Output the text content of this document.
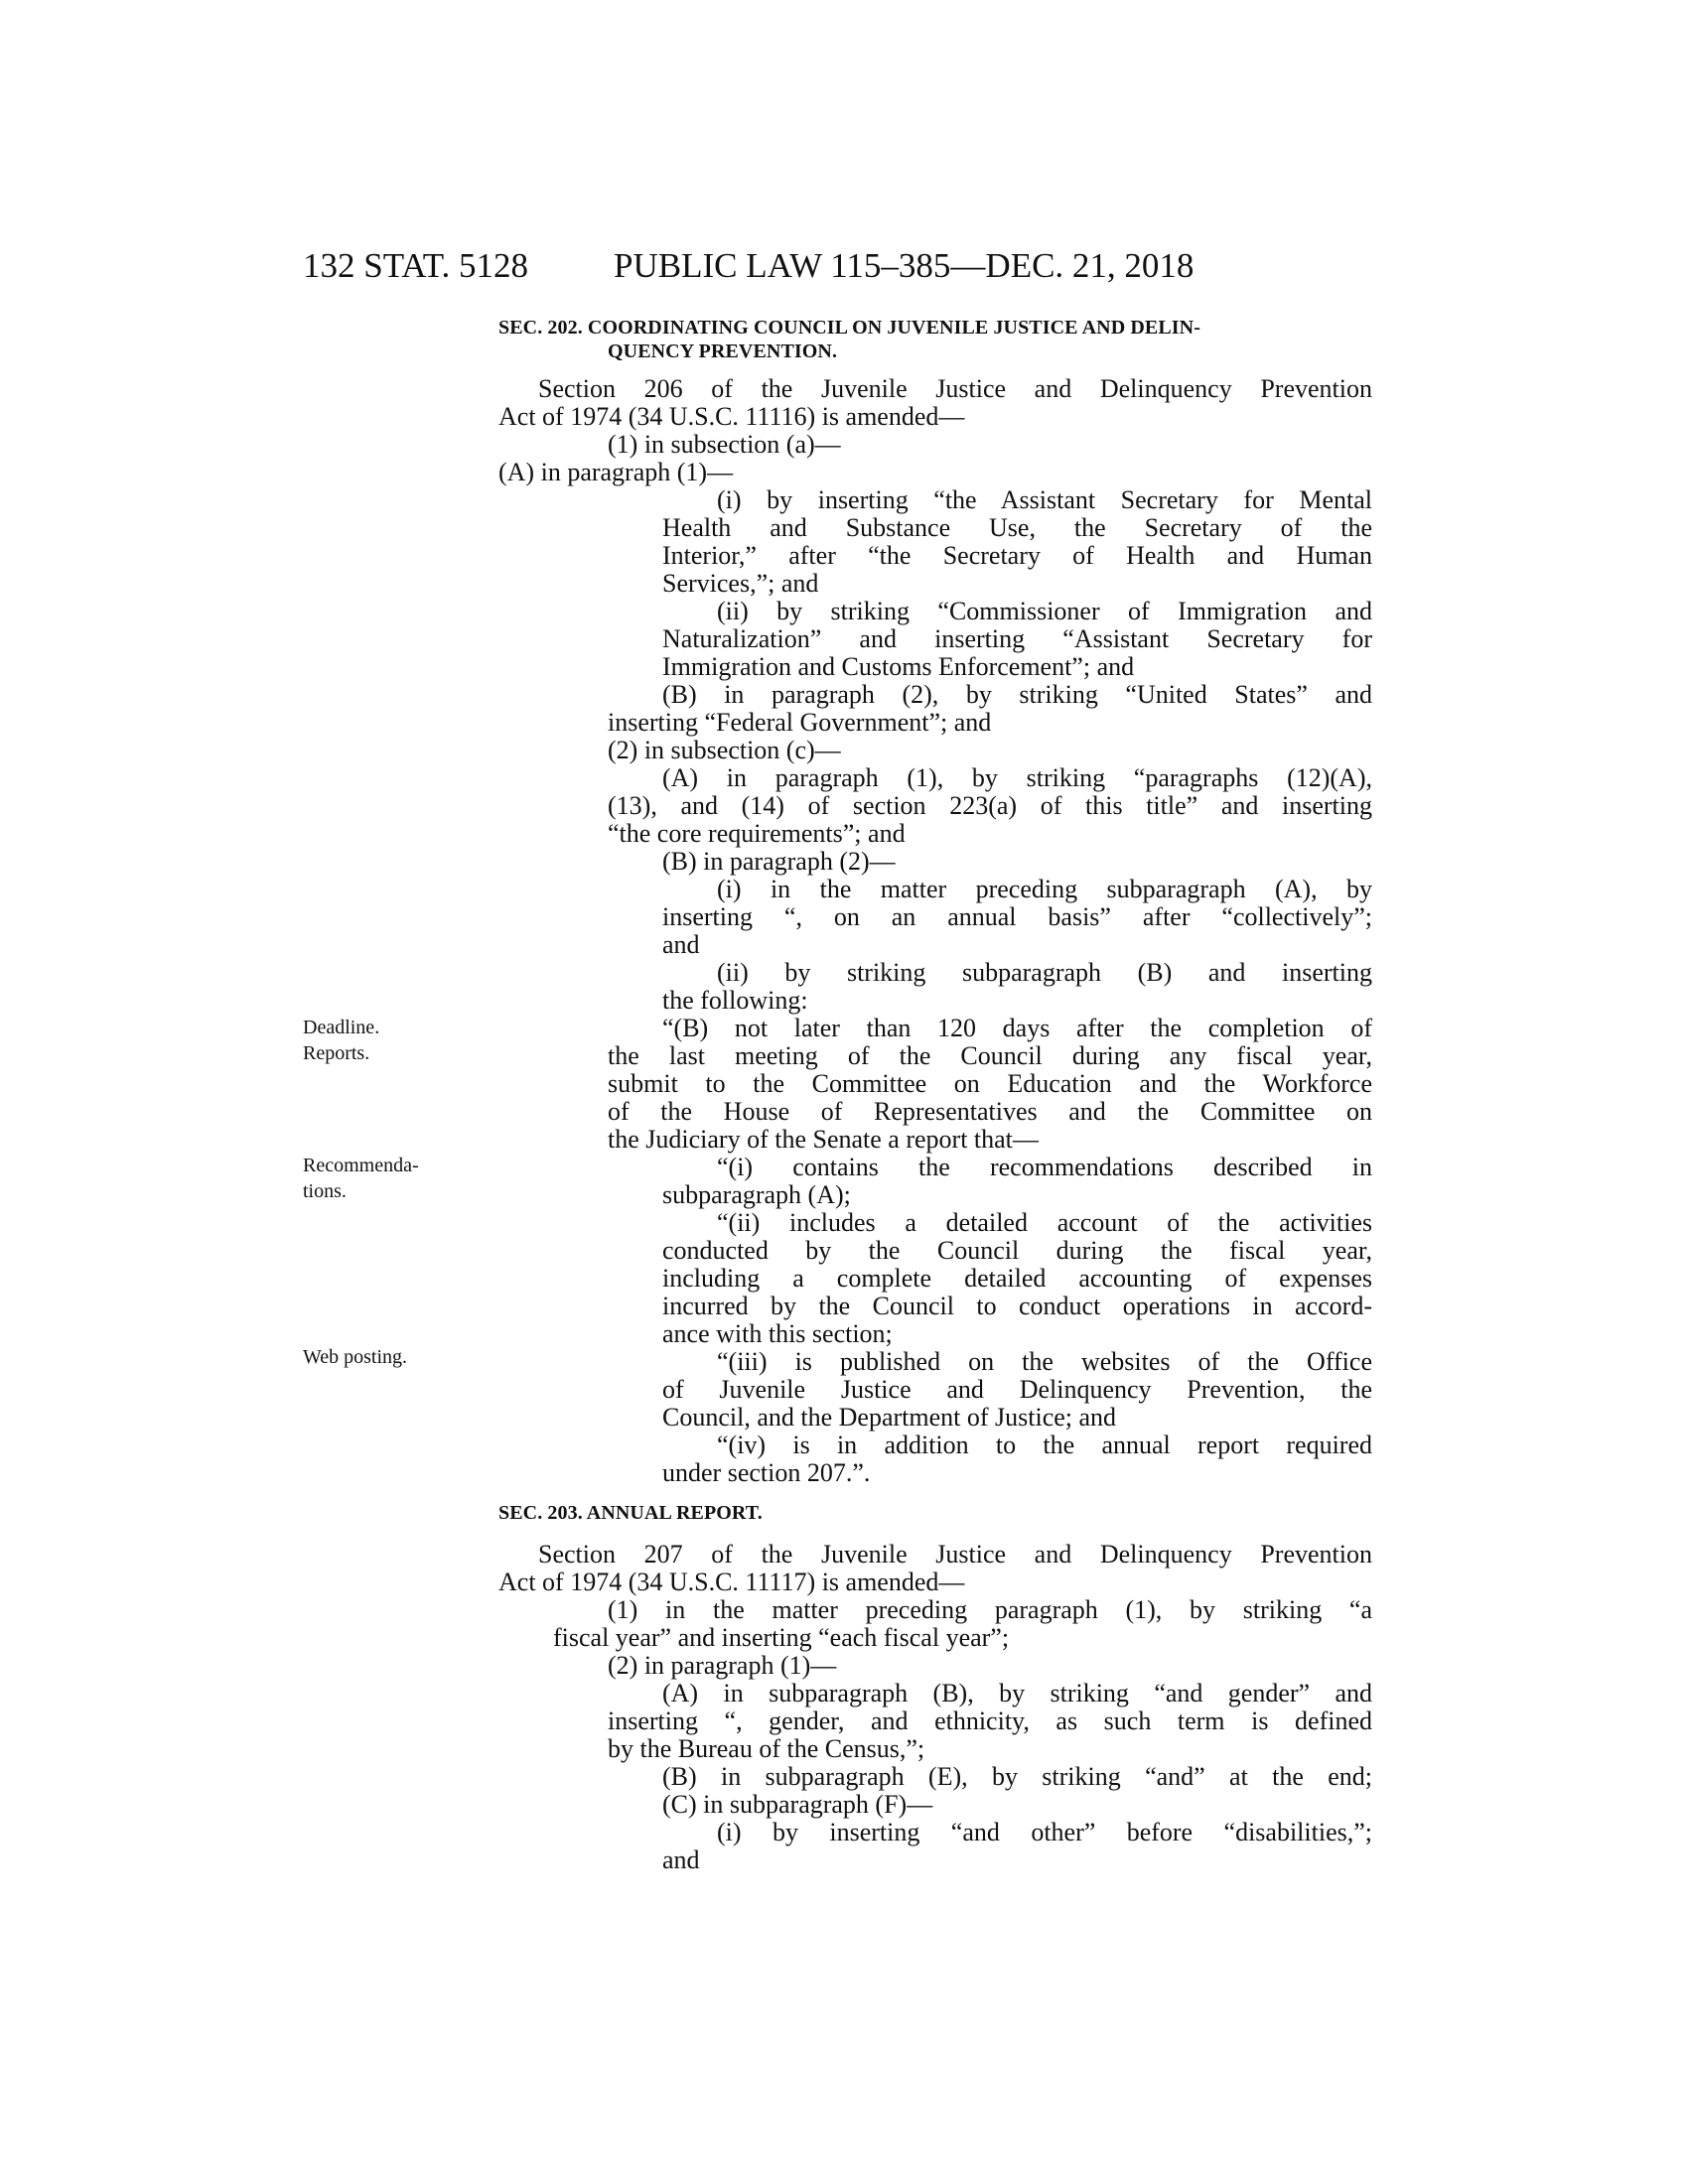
132 STAT. 5128 PUBLIC LAW 115–385—DEC. 21, 2018
Deadline.
Reports.
Recommenda-
tions.
Web posting.
SEC. 202. COORDINATING COUNCIL ON JUVENILE JUSTICE AND DELIN-
QUENCY PREVENTION.

Section 206 of the Juvenile Justice and Delinquency Prevention
Act of 1974 (34 U.S.C. 11116) is amended—

(1) in subsection (a)—

(A) in paragraph (1)—

(i) by inserting “the Assistant Secretary for Mental
Health and Substance Use, the Secretary of the
Interior,” after “the Secretary of Health and Human
Services,”; and

(ii) by striking “Commissioner of Immigration and
Naturalization” and inserting “Assistant Secretary for
Immigration and Customs Enforcement”; and

(B) in paragraph (2), by striking “United States” and
inserting “Federal Government”; and

(2) in subsection (c)—

(A) in paragraph (1), by striking “paragraphs (12)(A),
(13), and (14) of section 223(a) of this title” and inserting
“the core requirements”; and

(B) in paragraph (2)—

(i) in the matter preceding subparagraph (A), by
inserting “, on an annual basis” after “collectively”;
and

(ii) by striking subparagraph (B) and inserting
the following:

“(B) not later than 120 days after the completion of
the last meeting of the Council during any fiscal year,
submit to the Committee on Education and the Workforce
of the House of Representatives and the Committee on
the Judiciary of the Senate a report that—

“(i) contains the recommendations described in
subparagraph (A);

“(ii) includes a detailed account of the activities
conducted by the Council during the fiscal year,
including a complete detailed accounting of expenses
incurred by the Council to conduct operations in accord-
ance with this section;

“(iii) is published on the websites of the Office
of Juvenile Justice and Delinquency Prevention, the
Council, and the Department of Justice; and

“(iv) is in addition to the annual report required
under section 207.”.

SEC. 203. ANNUAL REPORT.

Section 207 of the Juvenile Justice and Delinquency Prevention
Act of 1974 (34 U.S.C. 11117) is amended—

(1) in the matter preceding paragraph (1), by striking “a
fiscal year” and inserting “each fiscal year”;

(2) in paragraph (1)—

(A) in subparagraph (B), by striking “and gender” and
inserting “, gender, and ethnicity, as such term is defined
by the Bureau of the Census,”;

(B) in subparagraph (E), by striking “and” at the end;

(C) in subparagraph (F)—

(i) by inserting “and other” before “disabilities,”;
and
